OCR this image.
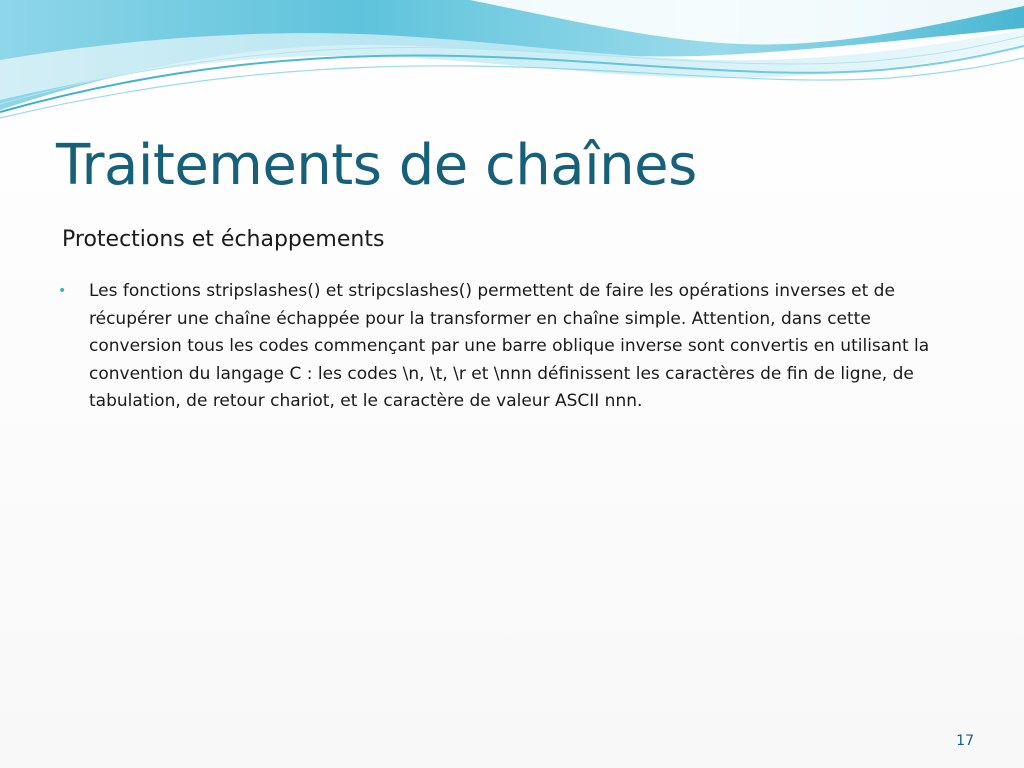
Traitements de chaînes
Protections et échappements
• Les fonctions stripslashes() et stripcslashes() permettent de faire les opérations inverses et de récupérer une chaîne échappée pour la transformer en chaîne simple. Attention, dans cette conversion tous les codes commençant par une barre oblique inverse sont convertis en utilisant la convention du langage C : les codes \n, \t, \r et \nnn définissent les caractères de fin de ligne, de tabulation, de retour chariot, et le caractère de valeur ASCII nnn.
17
